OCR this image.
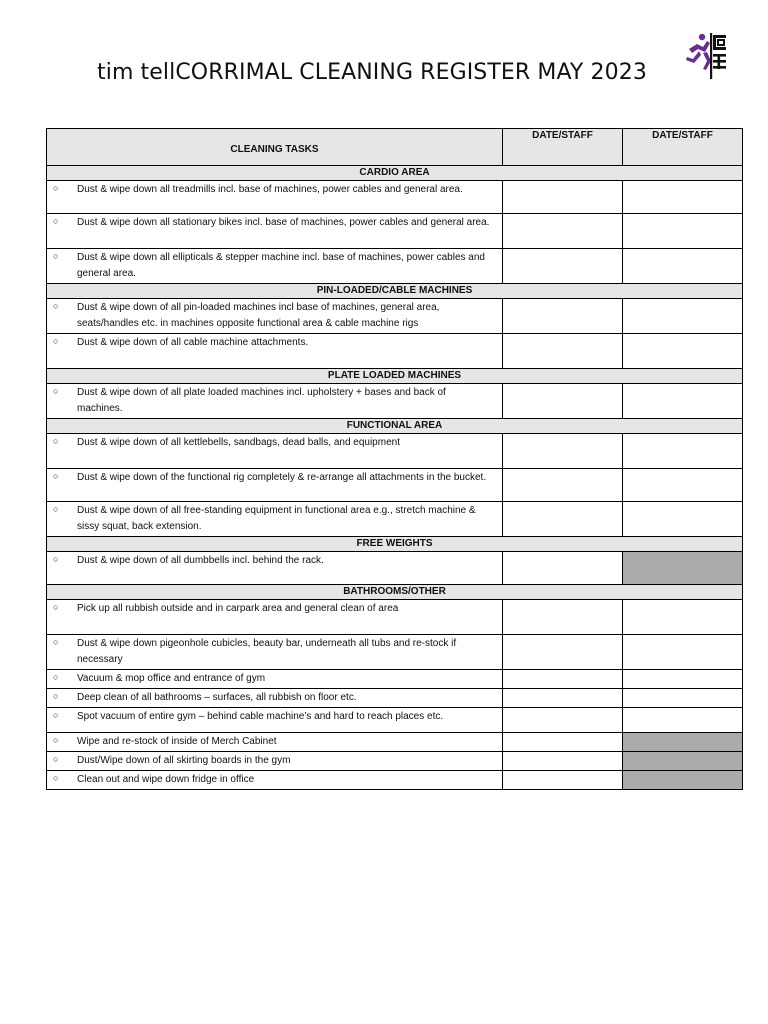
tim tellCORRIMAL CLEANING REGISTER MAY 2023
CLEANING TASKS	DATE/STAFF	DATE/STAFF
CARDIO AREA		

○ Dust & wipe down all treadmills incl. base of machines, power cables and general area.		

○ Dust & wipe down all stationary bikes incl. base of machines, power cables and general area.		

○ Dust & wipe down all ellipticals & stepper machine incl. base of machines, power cables and general area.		

PIN-LOADED/CABLE MACHINES		

○ Dust & wipe down of all pin-loaded machines incl base of machines, general area, seats/handles etc. in machines opposite functional area & cable machine rigs		

○ Dust & wipe down of all cable machine attachments.		

PLATE LOADED MACHINES		

○ Dust & wipe down of all plate loaded machines incl. upholstery + bases and back of machines.		

FUNCTIONAL AREA		

○ Dust & wipe down of all kettlebells, sandbags, dead balls, and equipment		

○ Dust & wipe down of the functional rig completely & re-arrange all attachments in the bucket.		

○ Dust & wipe down of all free-standing equipment in functional area e.g., stretch machine & sissy squat, back extension.		

FREE WEIGHTS		

○ Dust & wipe down of all dumbbells incl. behind the rack.		

BATHROOMS/OTHER		

○ Pick up all rubbish outside and in carpark area and general clean of area		

○ Dust & wipe down pigeonhole cubicles, beauty bar, underneath all tubs and re-stock if necessary		

○ Vacuum & mop office and entrance of gym		

○ Deep clean of all bathrooms – surfaces, all rubbish on floor etc.		

○ Spot vacuum of entire gym – behind cable machine’s and hard to reach places etc.		

○ Wipe and re-stock of inside of Merch Cabinet		

○ Dust/Wipe down of all skirting boards in the gym		

○ Clean out and wipe down fridge in office		
